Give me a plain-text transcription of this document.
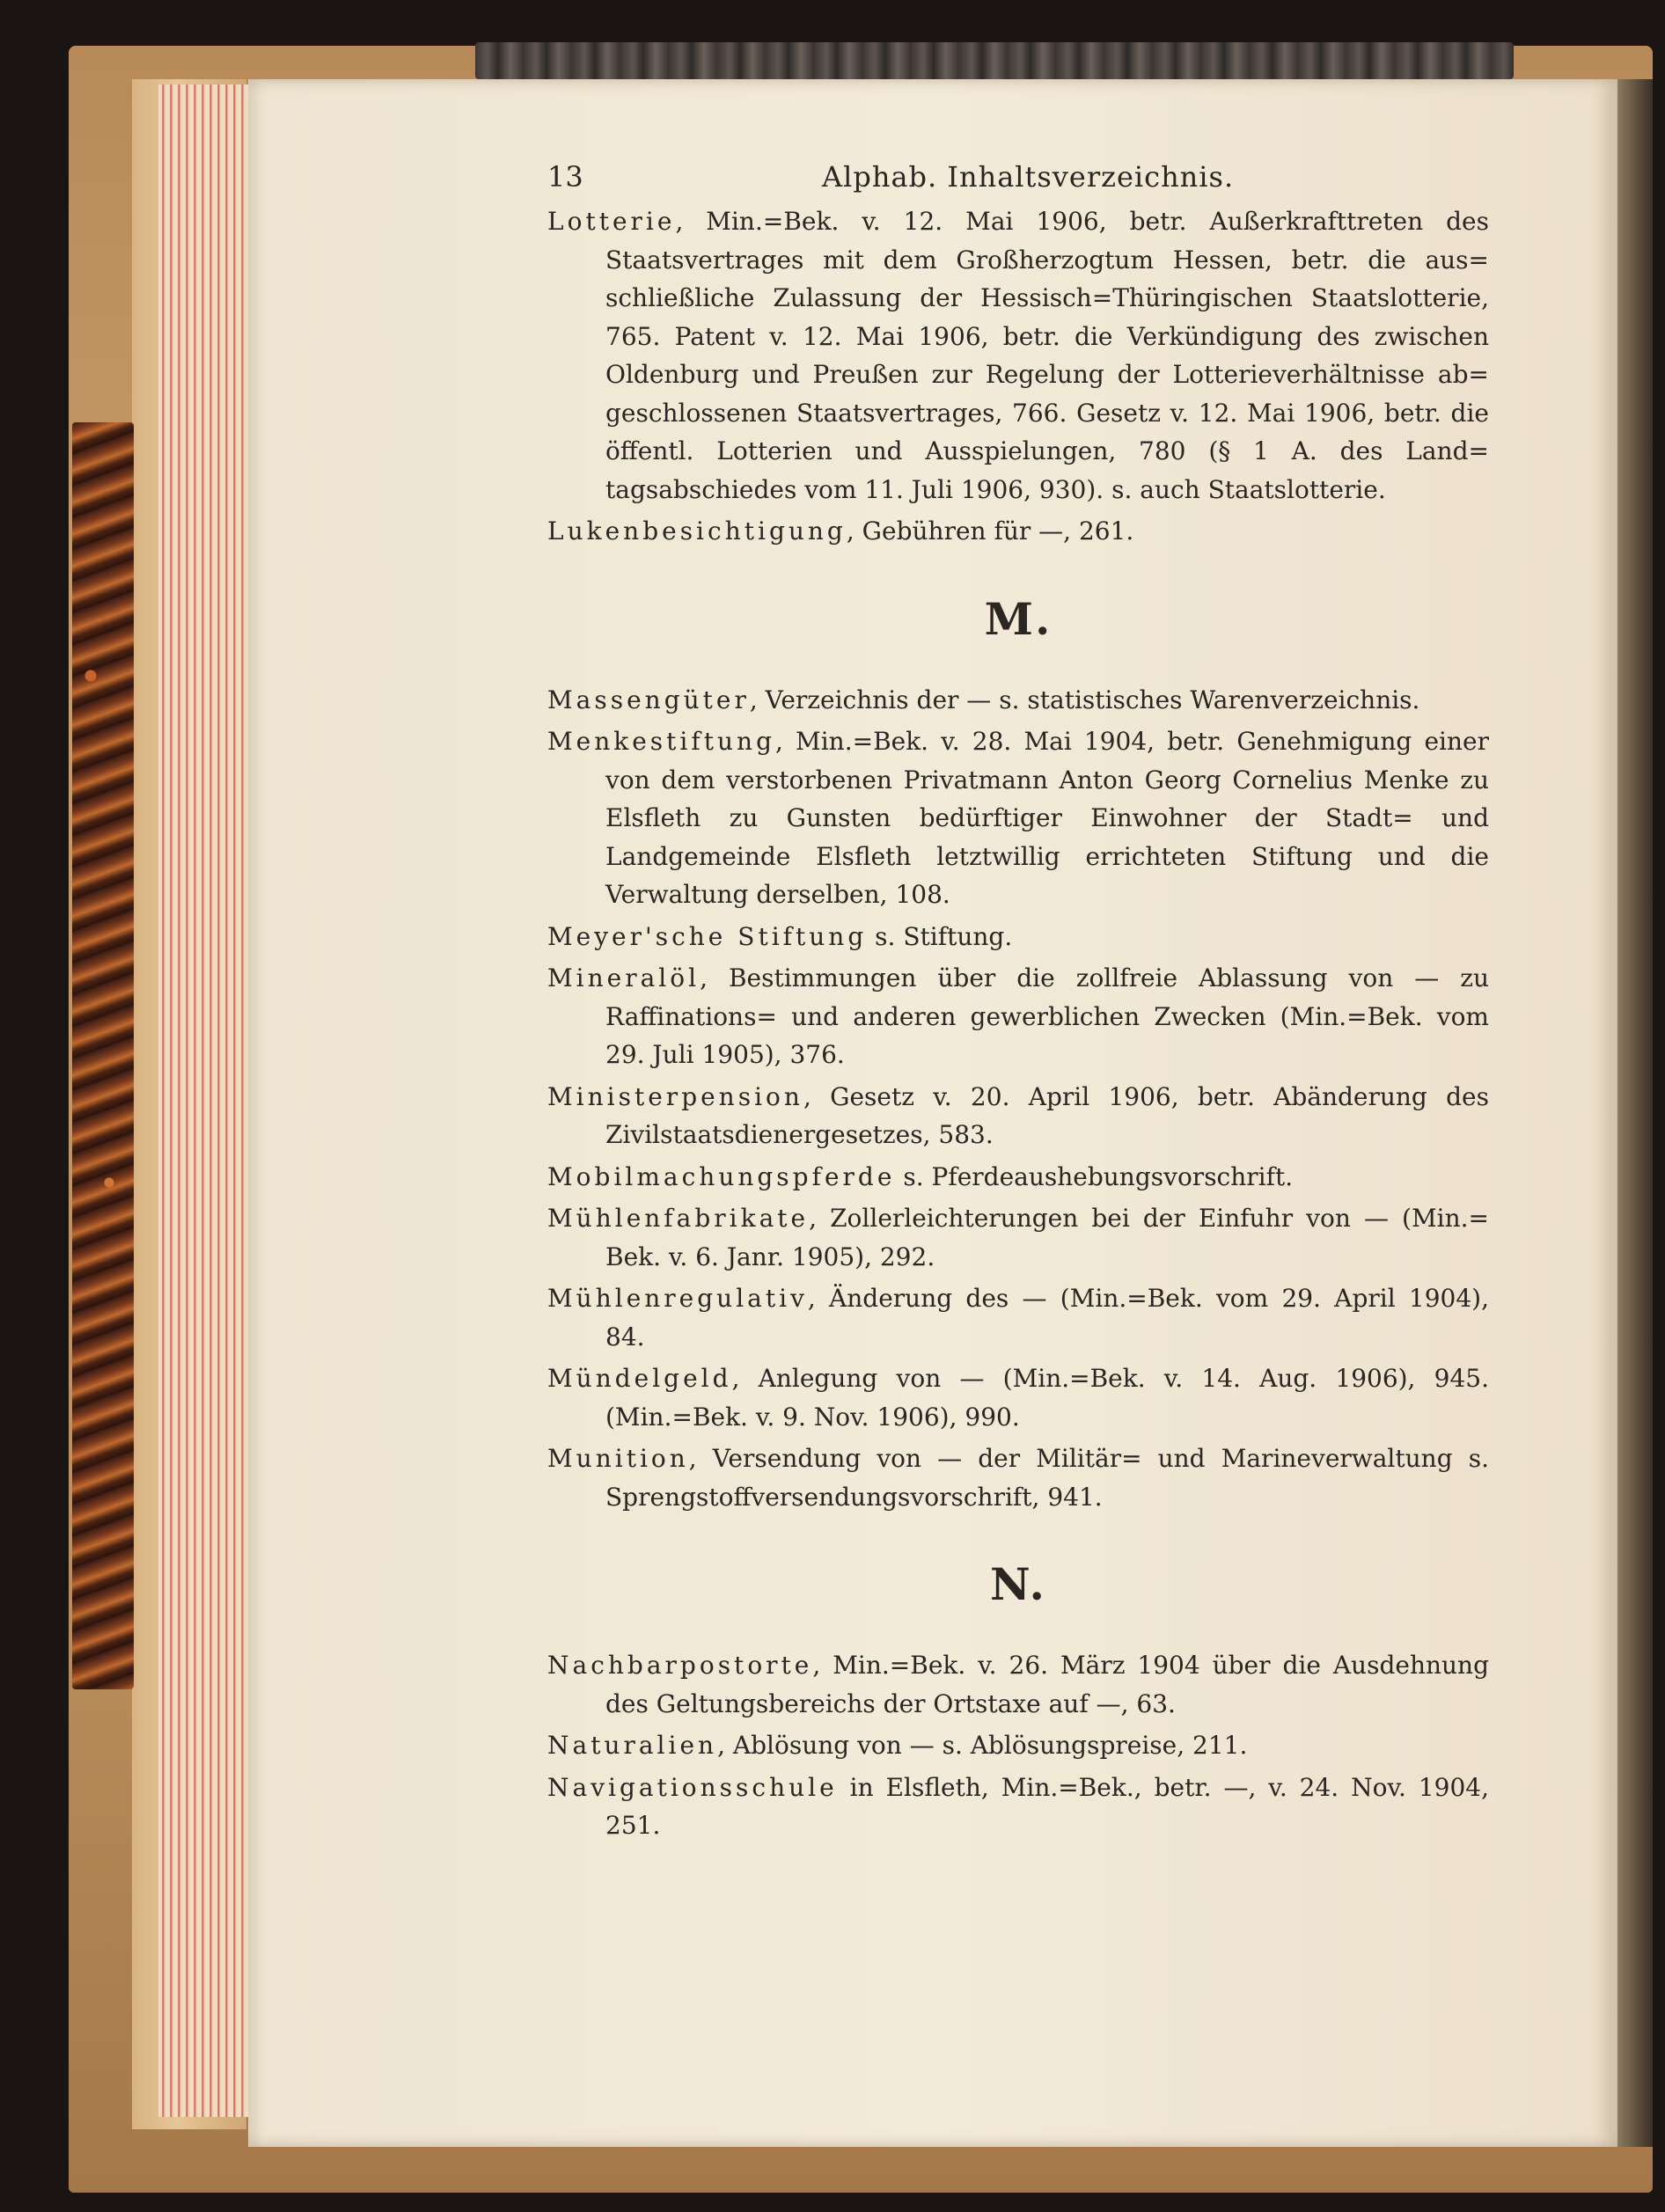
13	Alphab. Inhaltsverzeichnis.

Lotterie, Min.=Bek. v. 12. Mai 1906, betr. Außerkrafttreten des Staatsvertrages mit dem Großherzogtum Hessen, betr. die aus= schließliche Zulassung der Hessisch=Thüringischen Staatslotterie, 765. Patent v. 12. Mai 1906, betr. die Verkündigung des zwischen Oldenburg und Preußen zur Regelung der Lotterieverhältnisse ab= geschlossenen Staatsvertrages, 766. Gesetz v. 12. Mai 1906, betr. die öffentl. Lotterien und Ausspielungen, 780 (§ 1 A. des Land= tagsabschiedes vom 11. Juli 1906, 930). s. auch Staatslotterie.

Lukenbesichtigung, Gebühren für —, 261.

M.

Massengüter, Verzeichnis der — s. statistisches Warenverzeichnis.

Menkestiftung, Min.=Bek. v. 28. Mai 1904, betr. Genehmigung einer von dem verstorbenen Privatmann Anton Georg Cornelius Menke zu Elsfleth zu Gunsten bedürftiger Einwohner der Stadt= und Landgemeinde Elsfleth letztwillig errichteten Stiftung und die Verwaltung derselben, 108.

Meyer'sche Stiftung s. Stiftung.

Mineralöl, Bestimmungen über die zollfreie Ablassung von — zu Raffinations= und anderen gewerblichen Zwecken (Min.=Bek. vom 29. Juli 1905), 376.

Ministerpension, Gesetz v. 20. April 1906, betr. Abänderung des Zivilstaatsdienergesetzes, 583.

Mobilmachungspferde s. Pferdeaushebungsvorschrift.

Mühlenfabrikate, Zollerleichterungen bei der Einfuhr von — (Min.= Bek. v. 6. Janr. 1905), 292.

Mühlenregulativ, Änderung des — (Min.=Bek. vom 29. April 1904), 84.

Mündelgeld, Anlegung von — (Min.=Bek. v. 14. Aug. 1906), 945. (Min.=Bek. v. 9. Nov. 1906), 990.

Munition, Versendung von — der Militär= und Marineverwaltung s. Sprengstoffversendungsvorschrift, 941.

N.

Nachbarpostorte, Min.=Bek. v. 26. März 1904 über die Ausdehnung des Geltungsbereichs der Ortstaxe auf —, 63.

Naturalien, Ablösung von — s. Ablösungspreise, 211.

Navigationsschule in Elsfleth, Min.=Bek., betr. —, v. 24. Nov. 1904, 251.
